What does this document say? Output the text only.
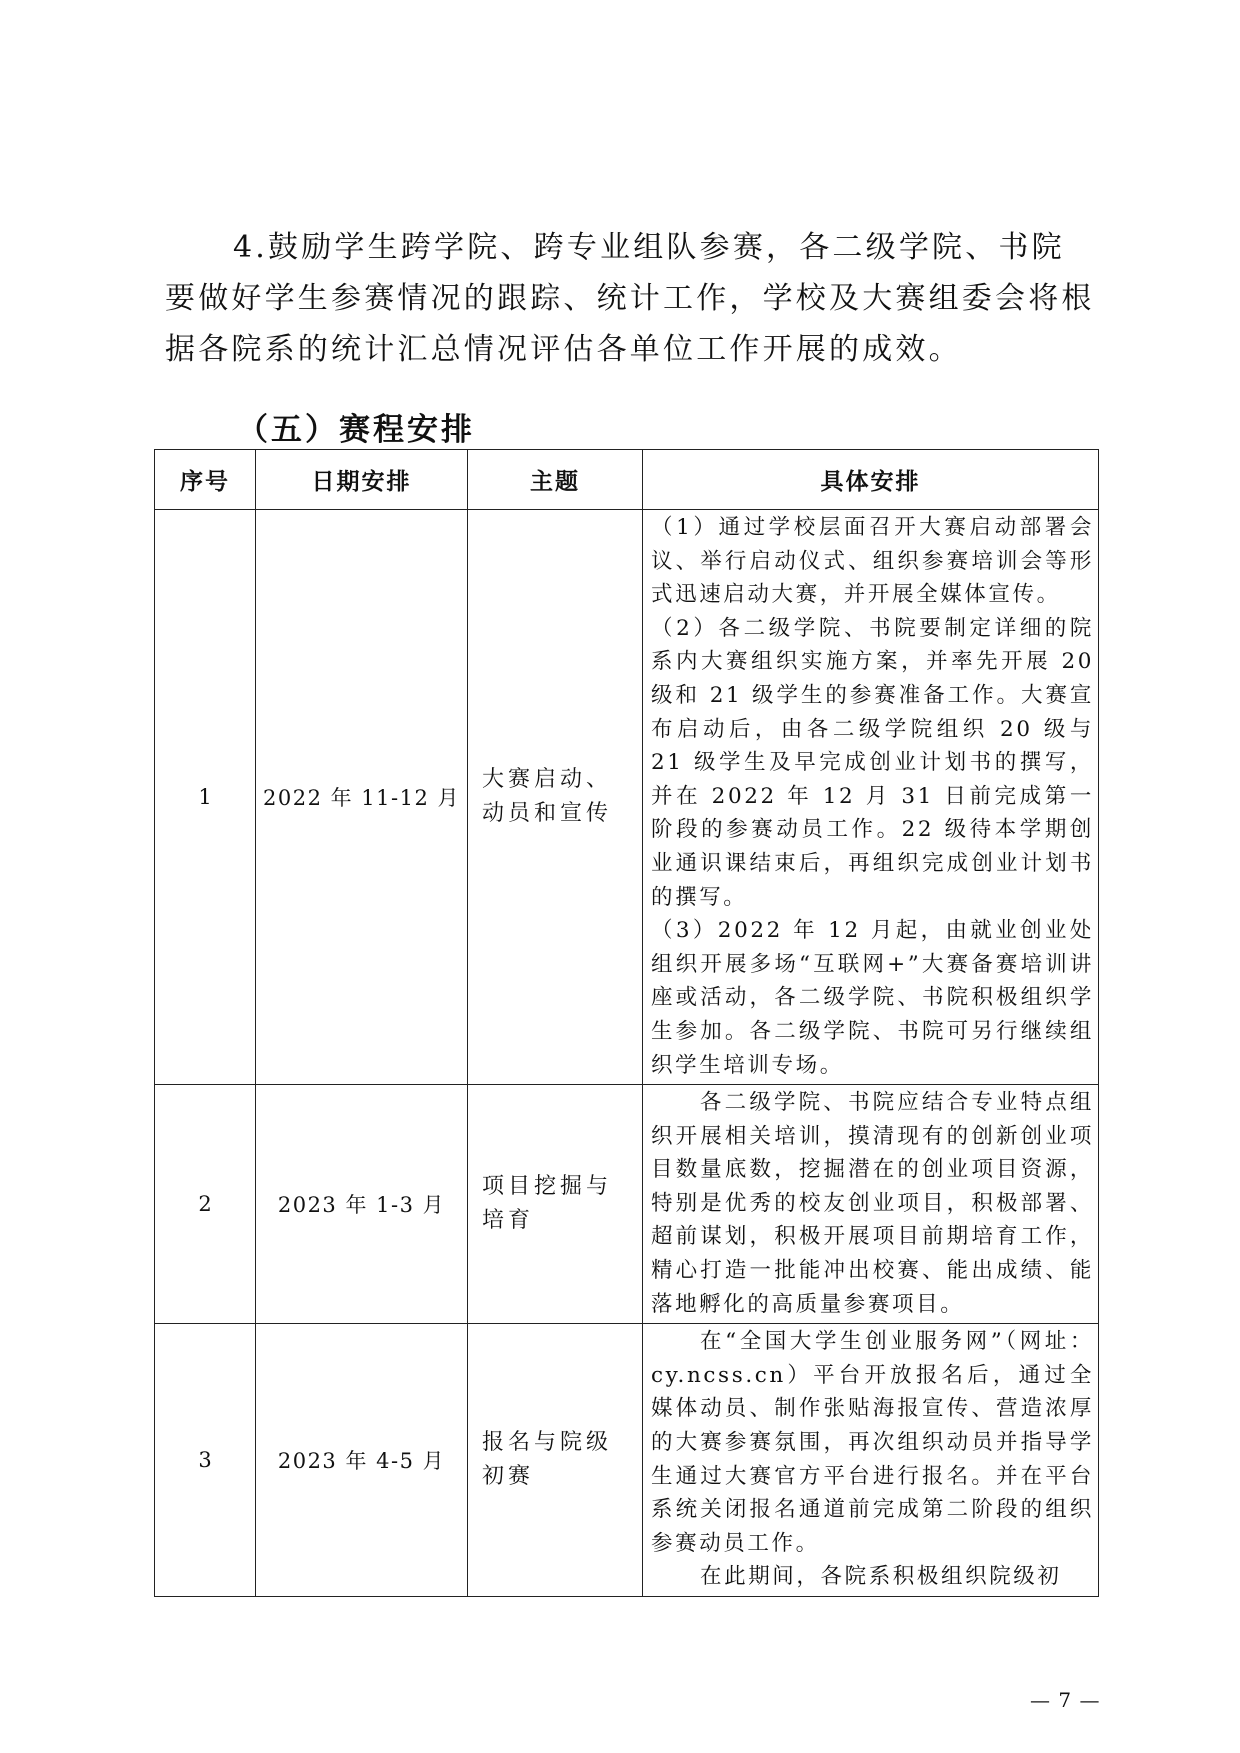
4.鼓励学生跨学院、跨专业组队参赛，各二级学院、书院要做好学生参赛情况的跟踪、统计工作，学校及大赛组委会将根据各院系的统计汇总情况评估各单位工作开展的成效。

（五）赛程安排
序号	日期安排	主题	具体安排
1	2022 年 11-12 月	大赛启动、动员和宣传	（1）通过学校层面召开大赛启动部署会议、举行启动仪式、组织参赛培训会等形式迅速启动大赛，并开展全媒体宣传。

（2）各二级学院、书院要制定详细的院系内大赛组织实施方案，并率先开展 20 级和 21 级学生的参赛准备工作。大赛宣布启动后，由各二级学院组织 20 级与 21 级学生及早完成创业计划书的撰写，并在 2022 年 12 月 31 日前完成第一阶段的参赛动员工作。22 级待本学期创业通识课结束后，再组织完成创业计划书的撰写。

（3）2022 年 12 月起，由就业创业处组织开展多场“互联网+”大赛备赛培训讲座或活动，各二级学院、书院积极组织学生参加。各二级学院、书院可另行继续组织学生培训专场。

2	2023 年 1-3 月	项目挖掘与培育	各二级学院、书院应结合专业特点组织开展相关培训，摸清现有的创新创业项目数量底数，挖掘潜在的创业项目资源，特别是优秀的校友创业项目，积极部署、超前谋划，积极开展项目前期培育工作，精心打造一批能冲出校赛、能出成绩、能落地孵化的高质量参赛项目。

3	2023 年 4-5 月	报名与院级初赛	在“全国大学生创业服务网”（网址：cy.ncss.cn）平台开放报名后，通过全媒体动员、制作张贴海报宣传、营造浓厚的大赛参赛氛围，再次组织动员并指导学生通过大赛官方平台进行报名。并在平台系统关闭报名通道前完成第二阶段的组织参赛动员工作。

在此期间，各院系积极组织院级初

— 7 —
